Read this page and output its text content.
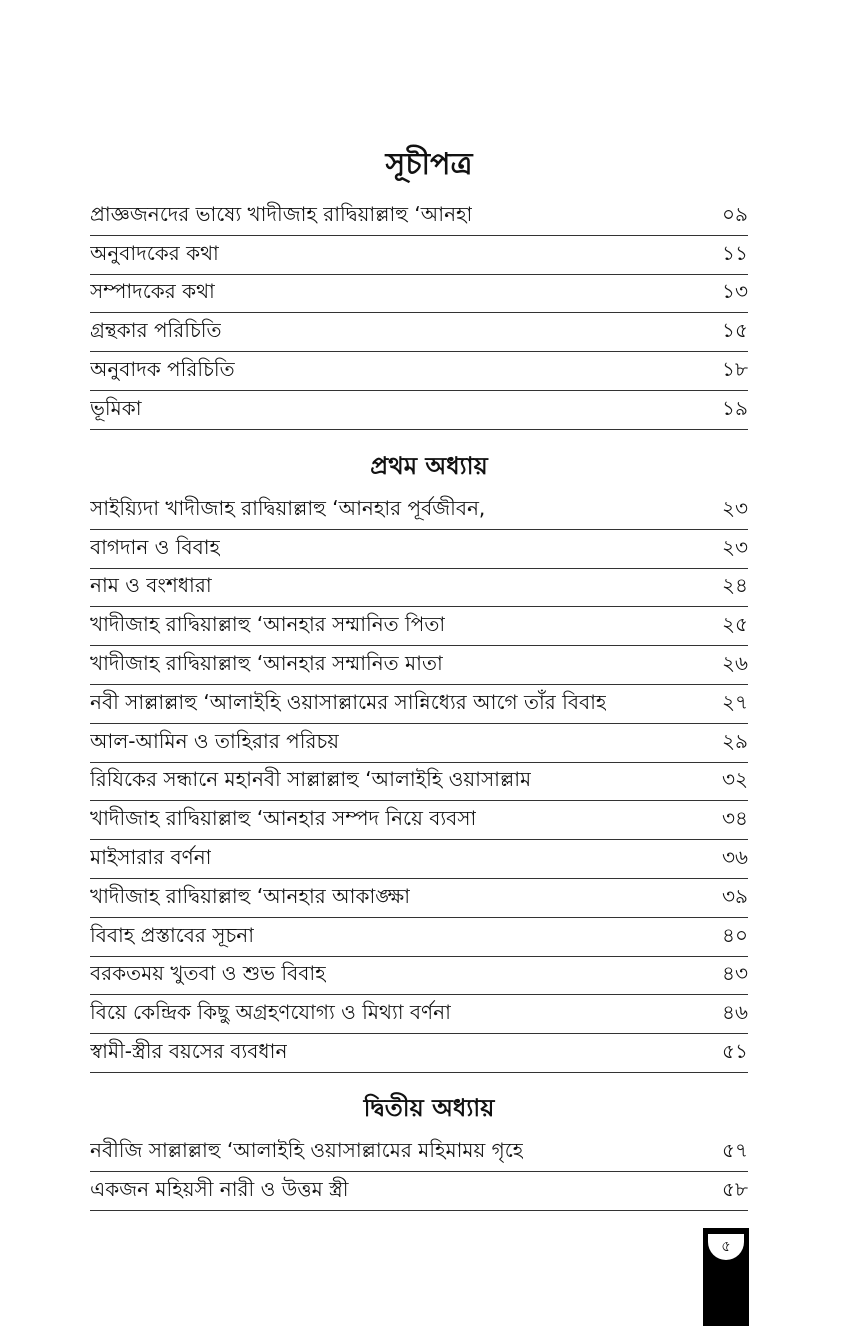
সূচীপত্র
প্রাজ্ঞজনদের ভাষ্যে খাদীজাহ রাদ্বিয়াল্লাহু ‘আনহা	০৯
অনুবাদকের কথা	১১
সম্পাদকের কথা	১৩
গ্রন্থকার পরিচিতি	১৫
অনুবাদক পরিচিতি	১৮
ভূমিকা	১৯
প্রথম অধ্যায়
সাইয়্যিদা খাদীজাহ রাদ্বিয়াল্লাহু ‘আনহার পূর্বজীবন,	২৩
বাগদান ও বিবাহ	২৩
নাম ও বংশধারা	২৪
খাদীজাহ রাদ্বিয়াল্লাহু ‘আনহার সম্মানিত পিতা	২৫
খাদীজাহ রাদ্বিয়াল্লাহু ‘আনহার সম্মানিত মাতা	২৬
নবী সাল্লাল্লাহু ‘আলাইহি ওয়াসাল্লামের সান্নিধ্যের আগে তাঁর বিবাহ	২৭
আল-আমিন ও তাহিরার পরিচয়	২৯
রিযিকের সন্ধানে মহানবী সাল্লাল্লাহু ‘আলাইহি ওয়াসাল্লাম	৩২
খাদীজাহ রাদ্বিয়াল্লাহু ‘আনহার সম্পদ নিয়ে ব্যবসা	৩৪
মাইসারার বর্ণনা	৩৬
খাদীজাহ রাদ্বিয়াল্লাহু ‘আনহার আকাঙ্ক্ষা	৩৯
বিবাহ প্রস্তাবের সূচনা	৪০
বরকতময় খুতবা ও শুভ বিবাহ	৪৩
বিয়ে কেন্দ্রিক কিছু অগ্রহণযোগ্য ও মিথ্যা বর্ণনা	৪৬
স্বামী-স্ত্রীর বয়সের ব্যবধান	৫১
দ্বিতীয় অধ্যায়
নবীজি সাল্লাল্লাহু ‘আলাইহি ওয়াসাল্লামের মহিমাময় গৃহে	৫৭
একজন মহিয়সী নারী ও উত্তম স্ত্রী	৫৮
৫
